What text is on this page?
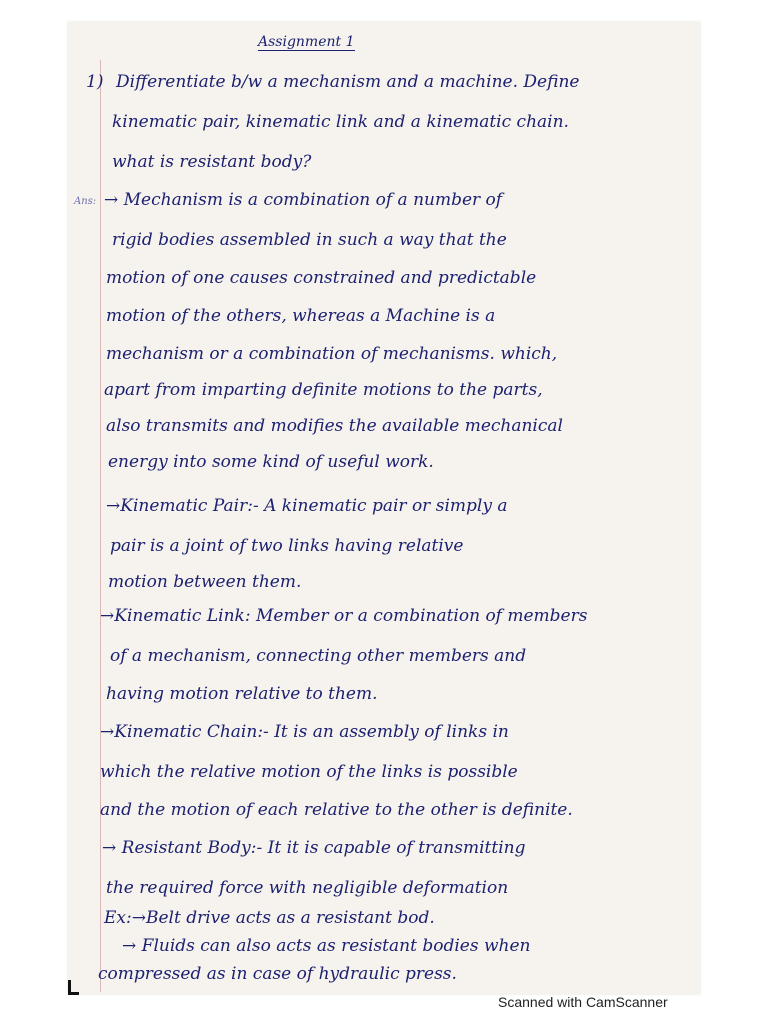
Assignment 1
1) Differentiate b/w a mechanism and a machine. Define
kinematic pair, kinematic link and a kinematic chain.
what is resistant body?
Ans: → Mechanism is a combination of a number of
rigid bodies assembled in such a way that the
motion of one causes constrained and predictable
motion of the others, whereas a Machine is a
mechanism or a combination of mechanisms. which,
apart from imparting definite motions to the parts,
also transmits and modifies the available mechanical
energy into some kind of useful work.
→Kinematic Pair:- A kinematic pair or simply a
pair is a joint of two links having relative
motion between them.
→Kinematic Link: Member or a combination of members
of a mechanism, connecting other members and
having motion relative to them.
→Kinematic Chain:- It is an assembly of links in
which the relative motion of the links is possible
and the motion of each relative to the other is definite.
→ Resistant Body:- It it is capable of transmitting
the required force with negligible deformation
Ex:→Belt drive acts as a resistant bod.
→ Fluids can also acts as resistant bodies when
compressed as in case of hydraulic press.
Scanned with CamScanner
